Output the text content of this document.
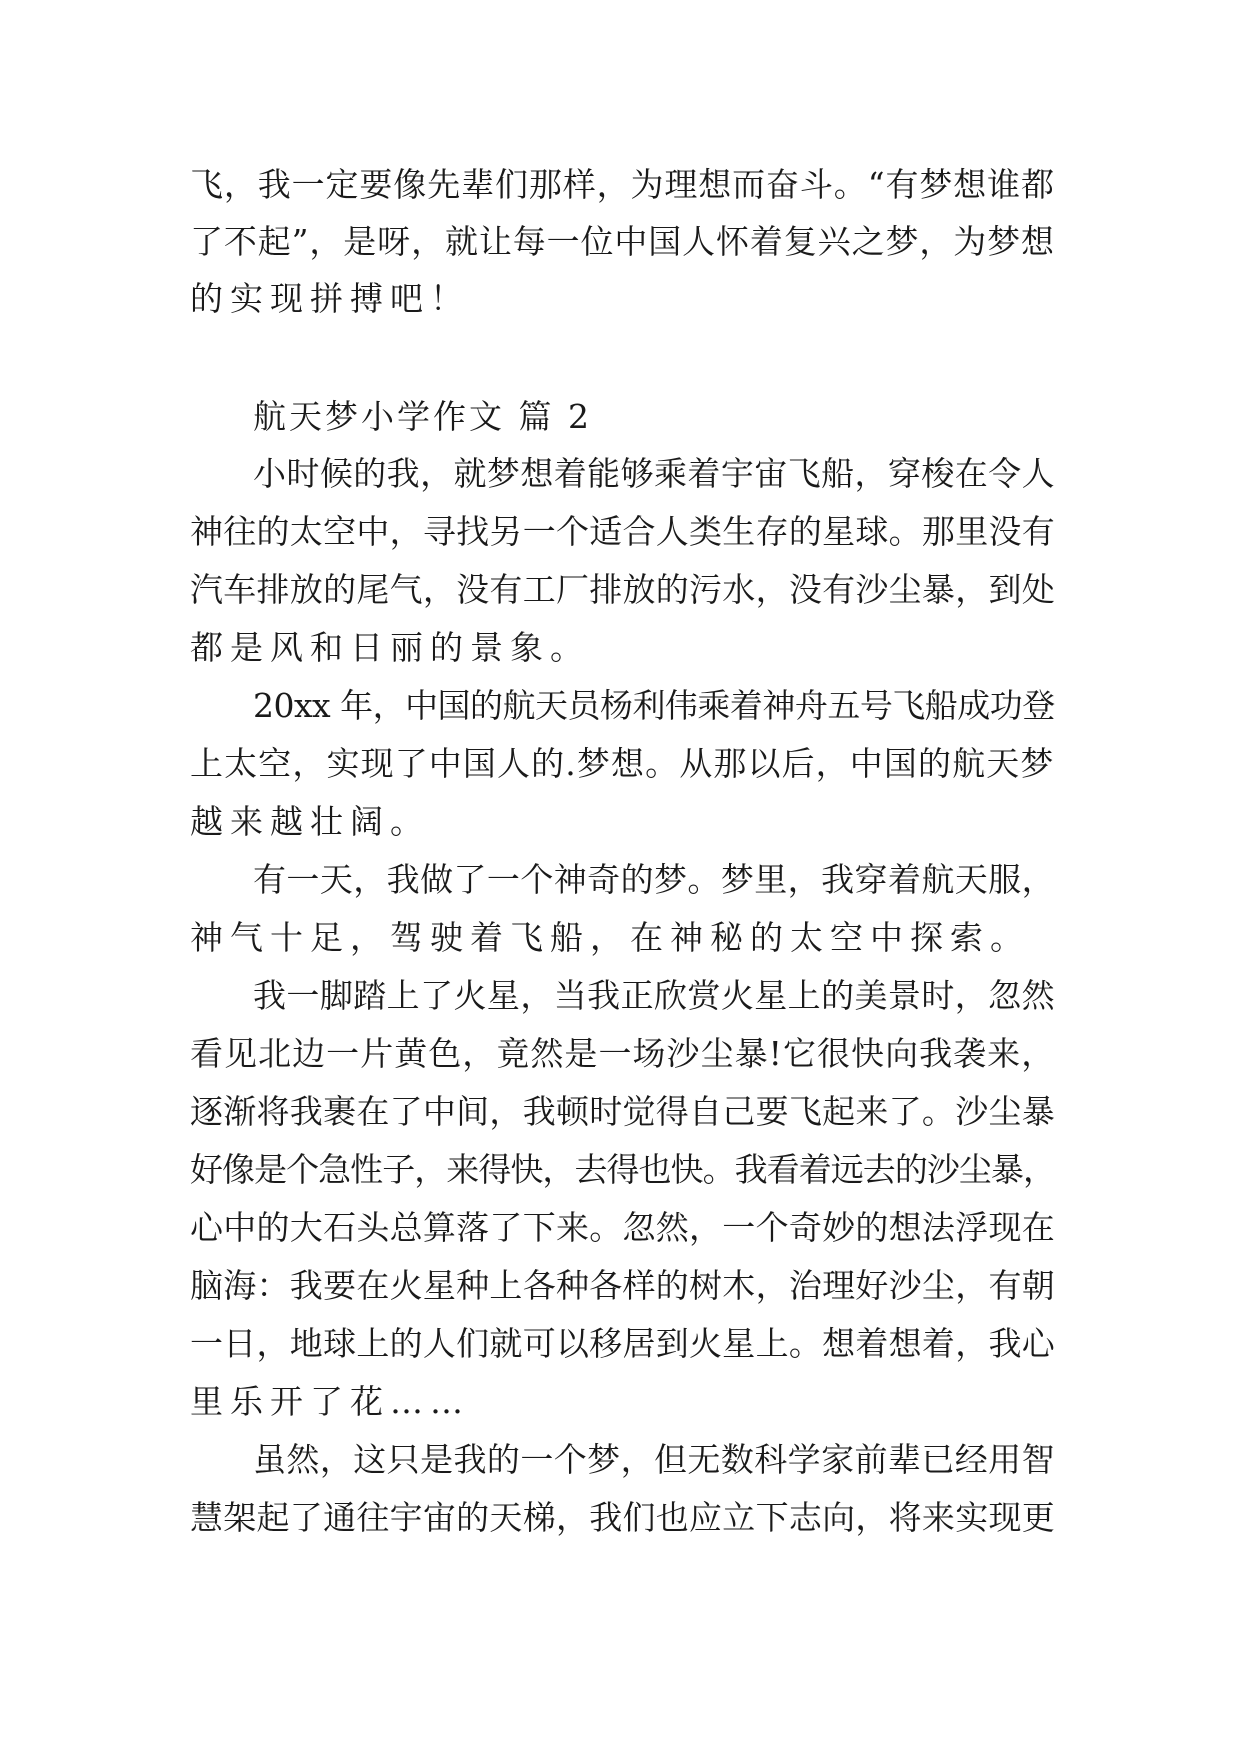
飞，我一定要像先辈们那样，为理想而奋斗。“有梦想谁都
了不起”，是呀，就让每一位中国人怀着复兴之梦，为梦想
的实现拼搏吧！
航天梦小学作文 篇 2
小时候的我，就梦想着能够乘着宇宙飞船，穿梭在令人
神往的太空中，寻找另一个适合人类生存的星球。那里没有
汽车排放的尾气，没有工厂排放的污水，没有沙尘暴，到处
都是风和日丽的景象。
20xx 年，中国的航天员杨利伟乘着神舟五号飞船成功登
上太空，实现了中国人的.梦想。从那以后，中国的航天梦
越来越壮阔。
有一天，我做了一个神奇的梦。梦里，我穿着航天服，
神气十足，驾驶着飞船，在神秘的太空中探索。
我一脚踏上了火星，当我正欣赏火星上的美景时，忽然
看见北边一片黄色，竟然是一场沙尘暴!它很快向我袭来，
逐渐将我裹在了中间，我顿时觉得自己要飞起来了。沙尘暴
好像是个急性子，来得快，去得也快。我看着远去的沙尘暴，
心中的大石头总算落了下来。忽然，一个奇妙的想法浮现在
脑海：我要在火星种上各种各样的树木，治理好沙尘，有朝
一日，地球上的人们就可以移居到火星上。想着想着，我心
里乐开了花……
虽然，这只是我的一个梦，但无数科学家前辈已经用智
慧架起了通往宇宙的天梯，我们也应立下志向，将来实现更
